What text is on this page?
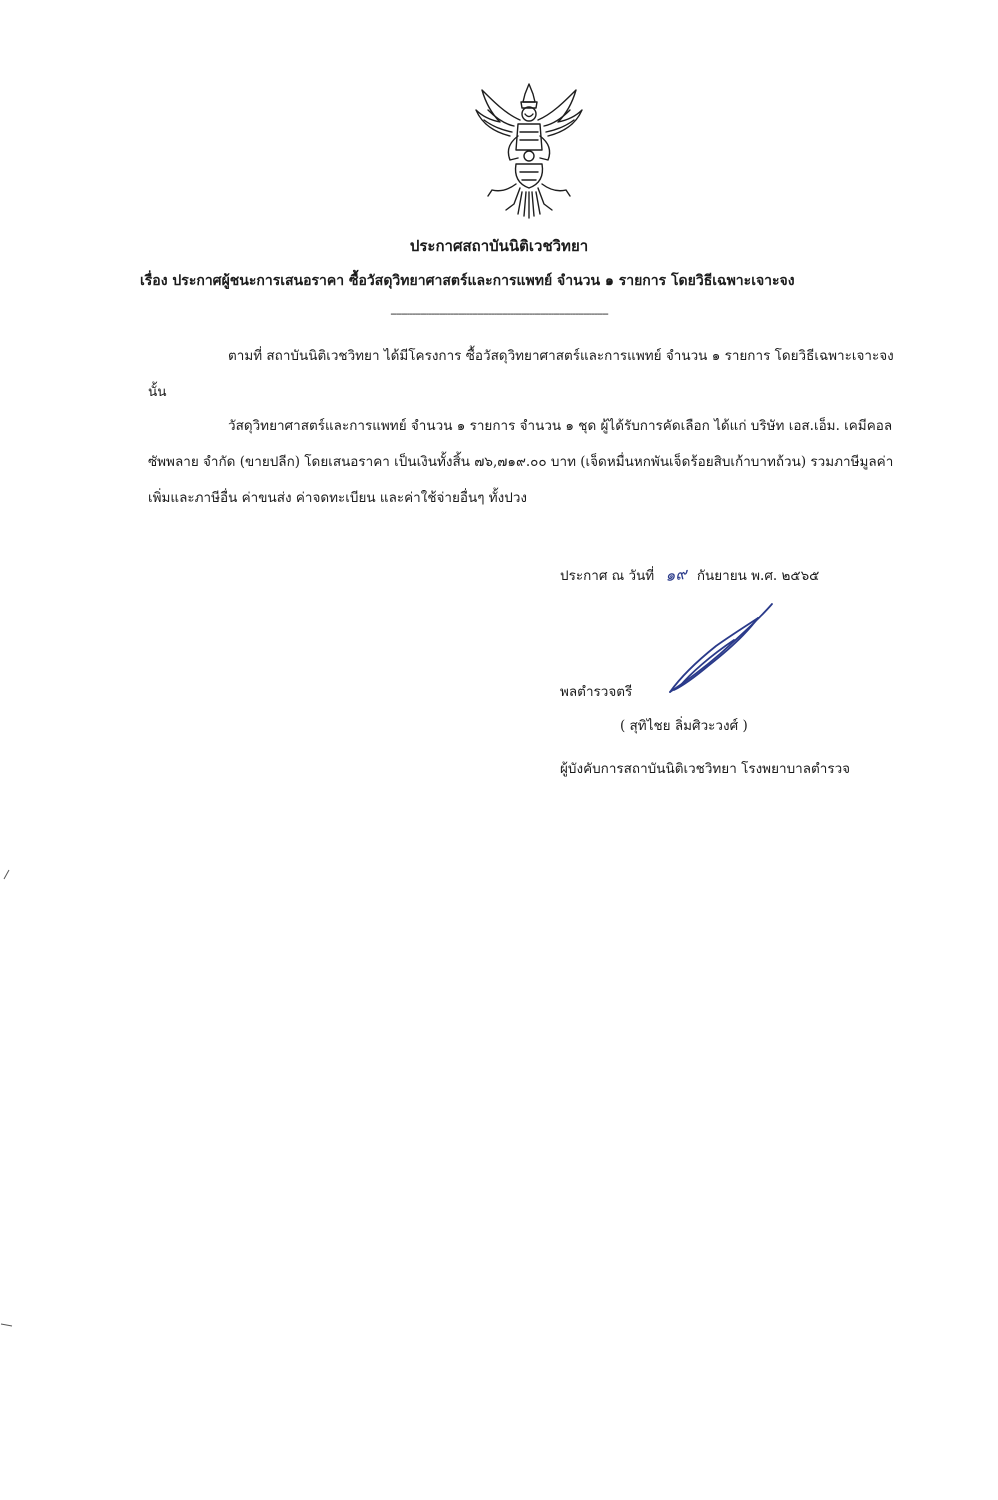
ประกาศสถาบันนิติเวชวิทยา
เรื่อง ประกาศผู้ชนะการเสนอราคา ซื้อวัสดุวิทยาศาสตร์และการแพทย์ จำนวน ๑ รายการ โดยวิธีเฉพาะเจาะจง
--------------------------------------------------------------------------------
ตามที่ สถาบันนิติเวชวิทยา ได้มีโครงการ ซื้อวัสดุวิทยาศาสตร์และการแพทย์ จำนวน ๑ รายการ โดยวิธีเฉพาะเจาะจง นั้น
วัสดุวิทยาศาสตร์และการแพทย์ จำนวน ๑ รายการ จำนวน ๑ ชุด ผู้ได้รับการคัดเลือก ได้แก่ บริษัท เอส.เอ็ม. เคมีคอล ซัพพลาย จำกัด (ขายปลีก) โดยเสนอราคา เป็นเงินทั้งสิ้น ๗๖,๗๑๙.๐๐ บาท (เจ็ดหมื่นหกพันเจ็ดร้อยสิบเก้าบาทถ้วน) รวมภาษีมูลค่าเพิ่มและภาษีอื่น ค่าขนส่ง ค่าจดทะเบียน และค่าใช้จ่ายอื่นๆ ทั้งปวง
ประกาศ ณ วันที่ ๑๙ กันยายน พ.ศ. ๒๕๖๕
พลตำรวจตรี
( สุทิไชย ลิ่มศิวะวงศ์ )
ผู้บังคับการสถาบันนิติเวชวิทยา โรงพยาบาลตำรวจ
